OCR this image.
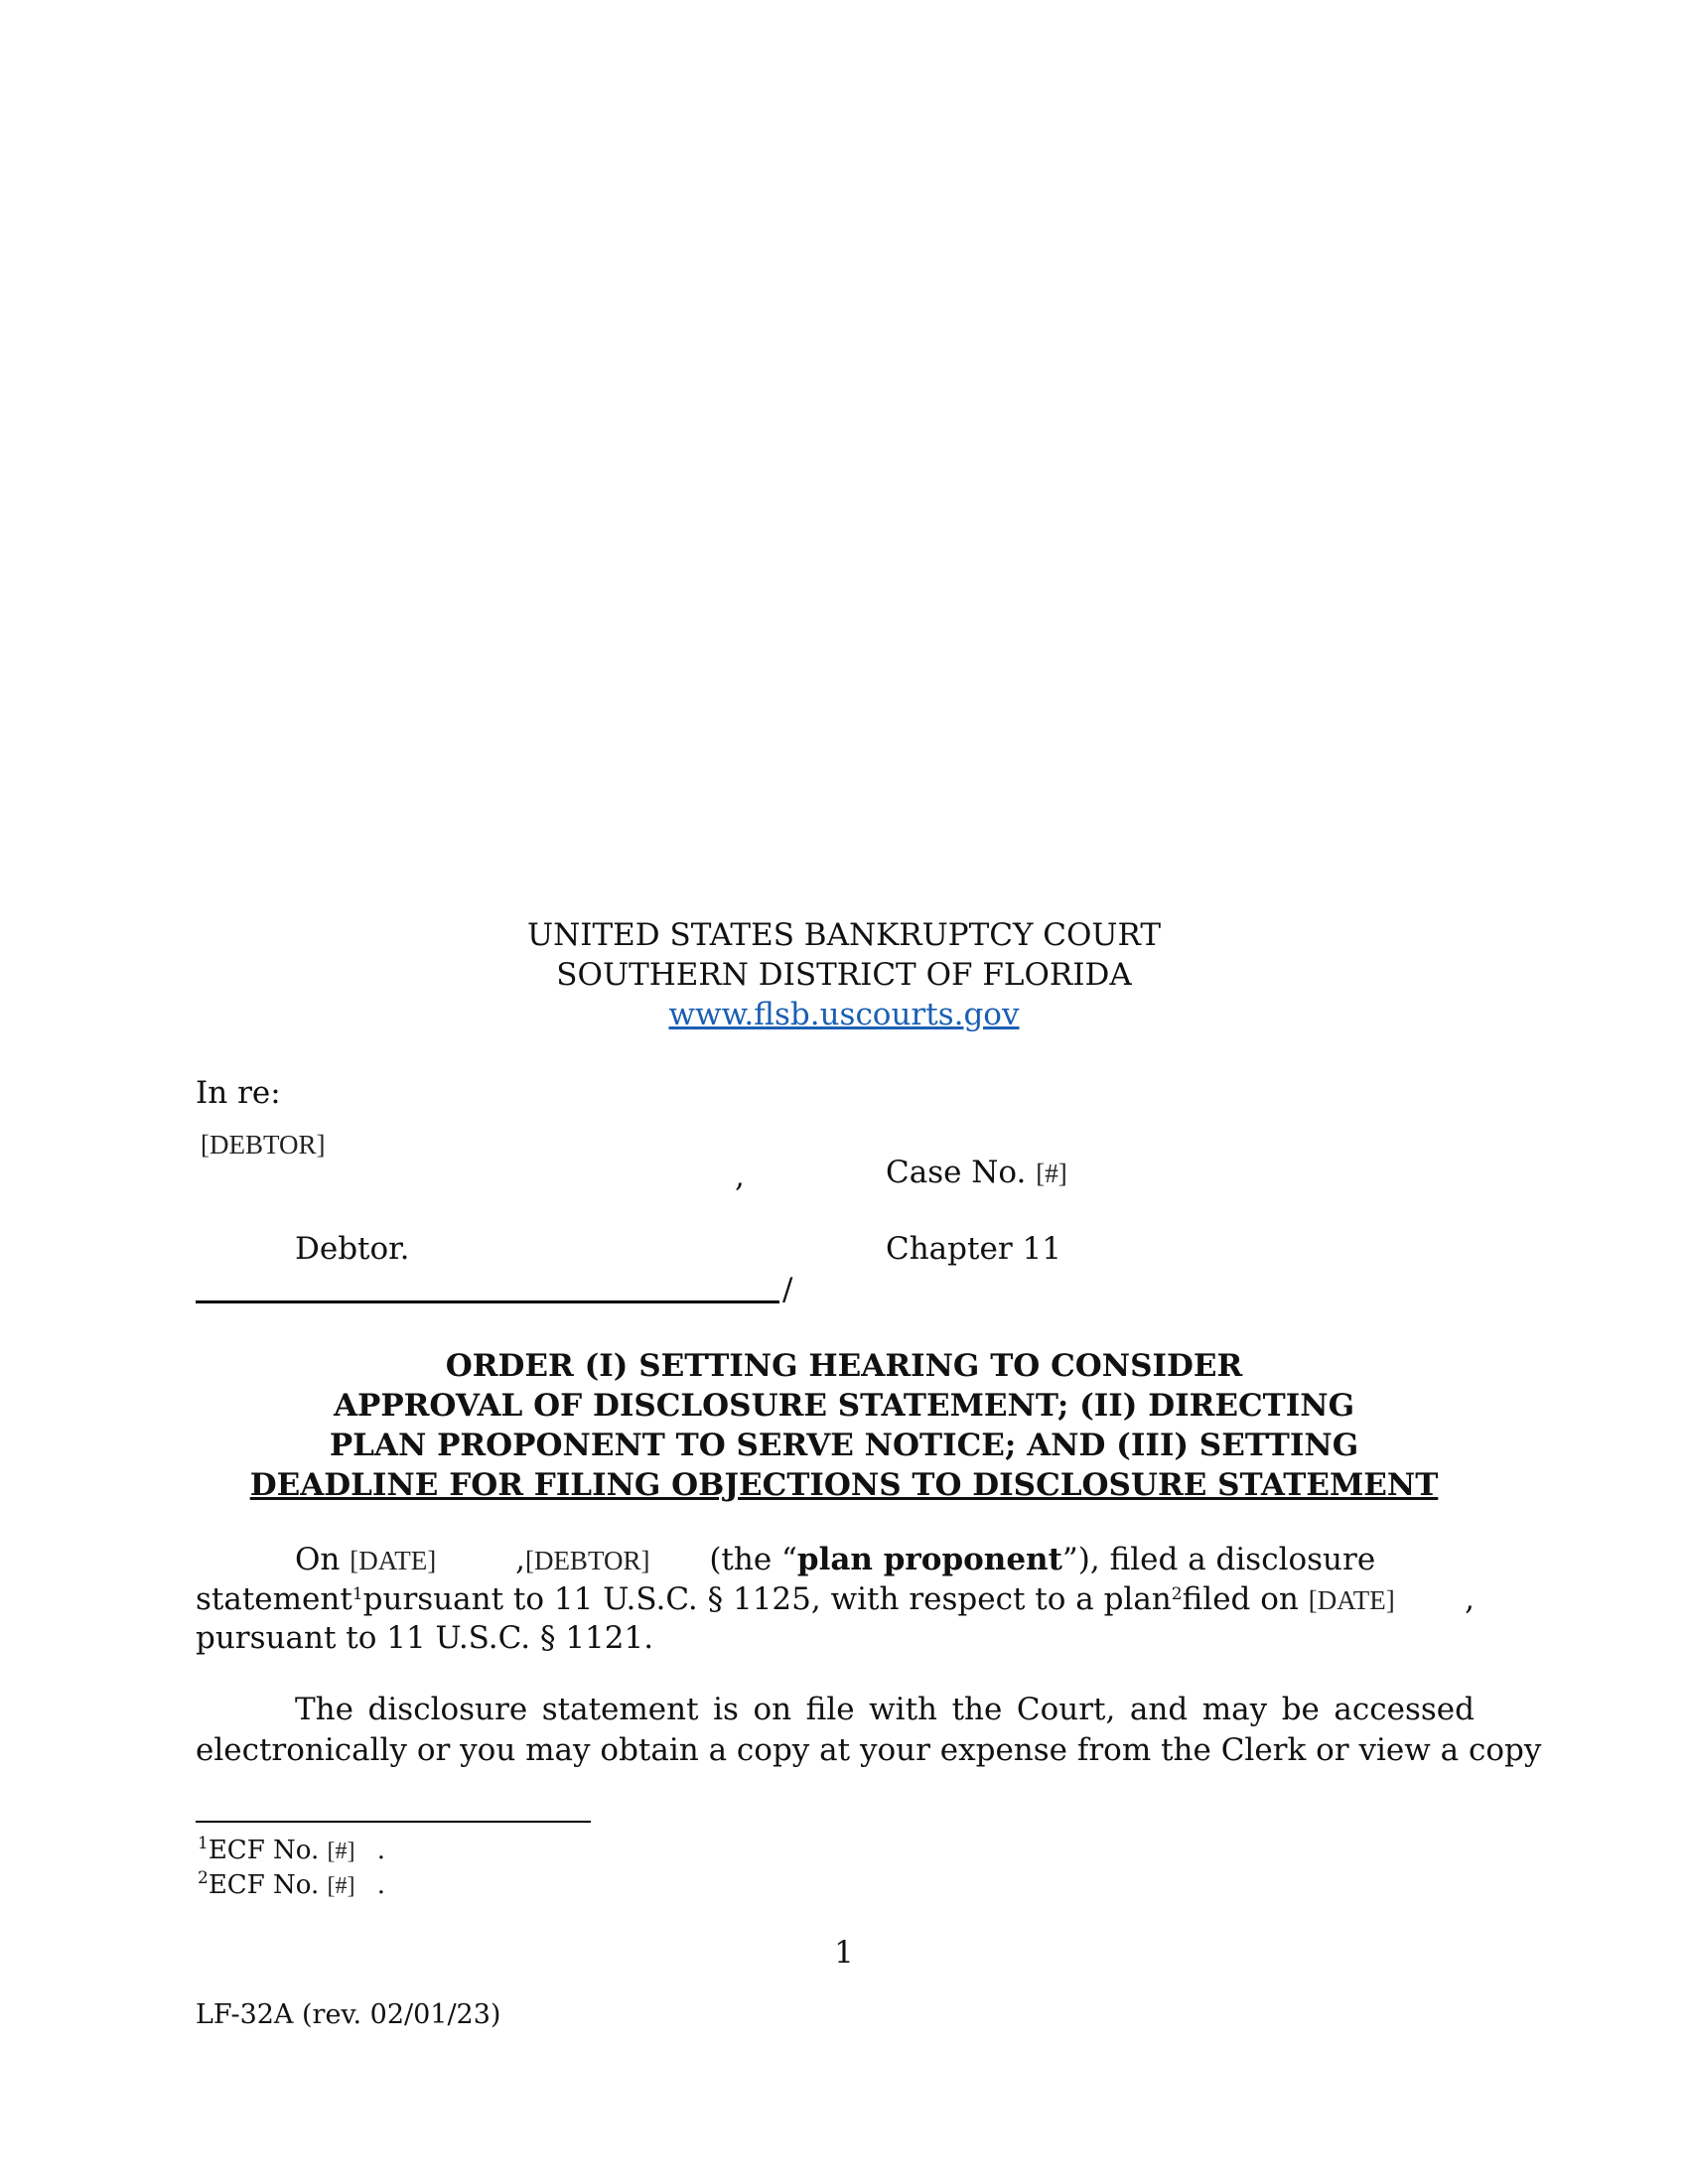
UNITED STATES BANKRUPTCY COURT
SOUTHERN DISTRICT OF FLORIDA
www.flsb.uscourts.gov
In re:
[DEBTOR]
,	Case No. [#]
Debtor.	Chapter 11
/
ORDER (I) SETTING HEARING TO CONSIDER
APPROVAL OF DISCLOSURE STATEMENT; (II) DIRECTING
PLAN PROPONENT TO SERVE NOTICE; AND (III) SETTING
DEADLINE FOR FILING OBJECTIONS TO DISCLOSURE STATEMENT
On [DATE]	,[DEBTOR] (the “plan proponent”), filed a disclosure
statement$^1$pursuant to 11 U.S.C. § 1125, with respect to a plan$^2$filed on [DATE] ,
pursuant to 11 U.S.C. § 1121.
The disclosure statement is on file with the Court, and may be accessed
electronically or you may obtain a copy at your expense from the Clerk or view a copy
$^1$ECF No. [#] .
$^2$ECF No. [#] .
1
LF-32A (rev. 02/01/23)
